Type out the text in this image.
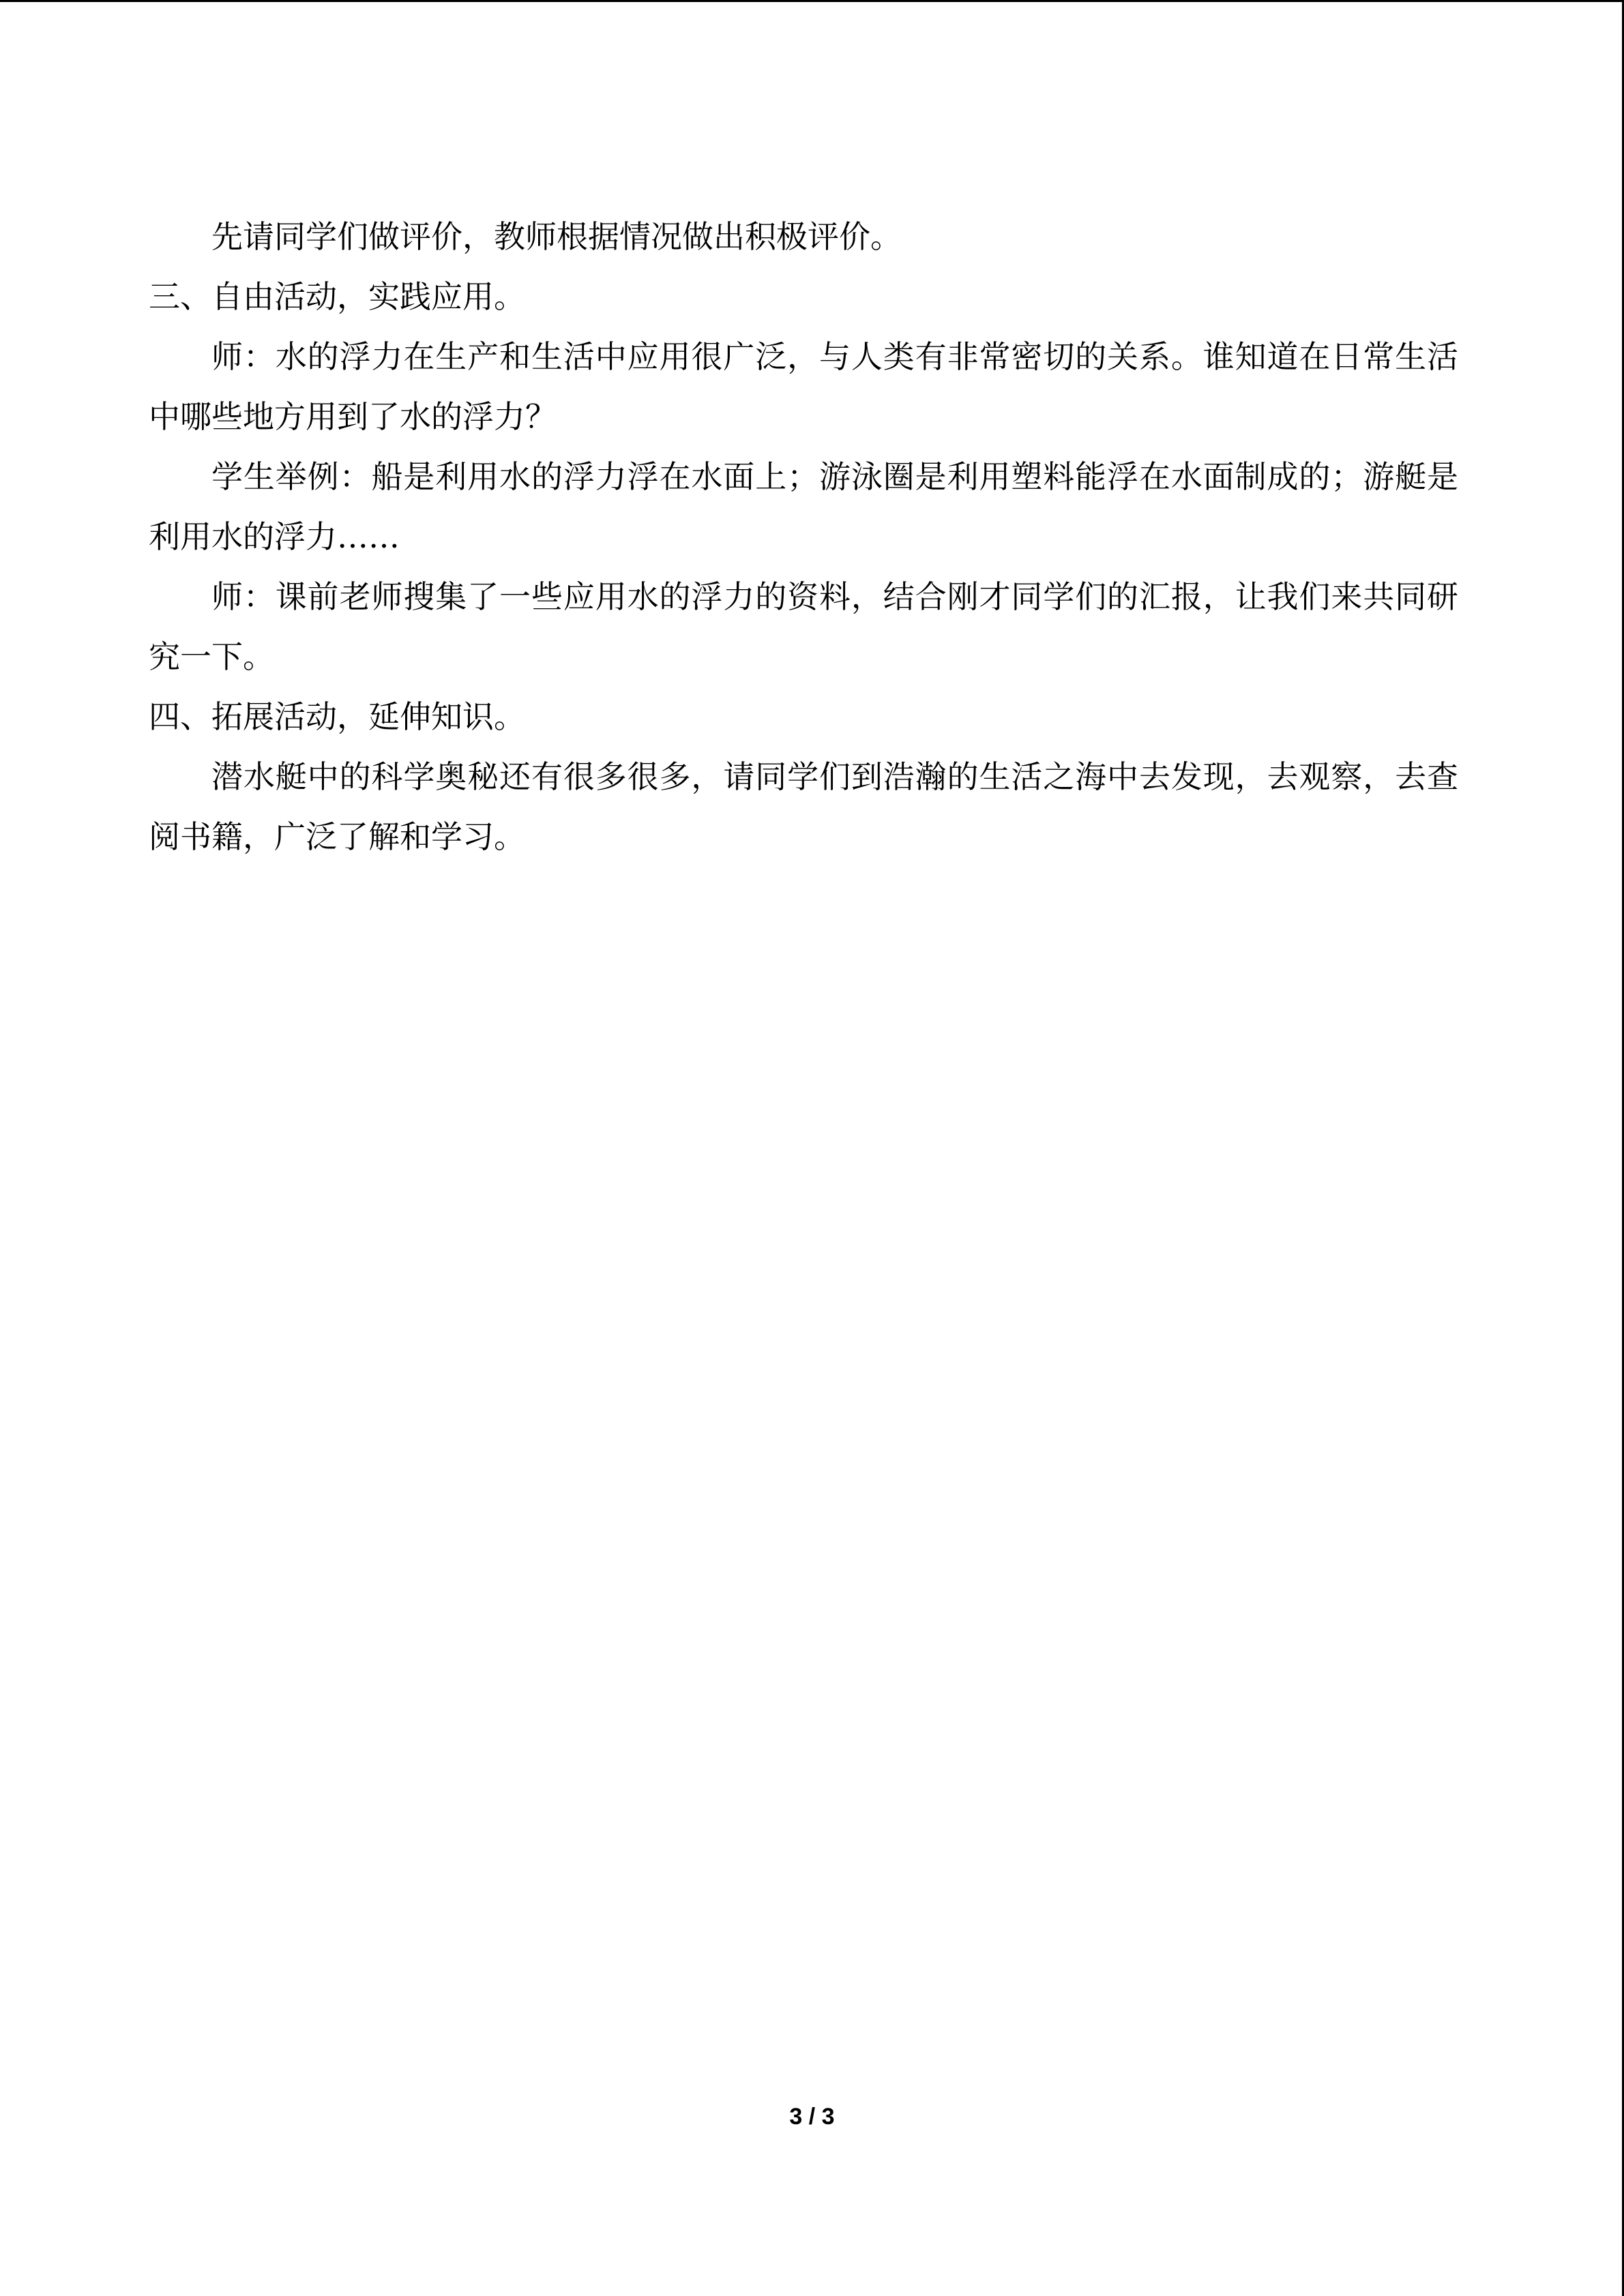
先请同学们做评价，教师根据情况做出积极评价。

三、自由活动，实践应用。

师：水的浮力在生产和生活中应用很广泛，与人类有非常密切的关系。谁知道在日常生活中哪些地方用到了水的浮力？

学生举例：船是利用水的浮力浮在水面上；游泳圈是利用塑料能浮在水面制成的；游艇是利用水的浮力……

师：课前老师搜集了一些应用水的浮力的资料，结合刚才同学们的汇报，让我们来共同研究一下。

四、拓展活动，延伸知识。

潜水艇中的科学奥秘还有很多很多，请同学们到浩瀚的生活之海中去发现，去观察，去查阅书籍，广泛了解和学习。

3 / 3
